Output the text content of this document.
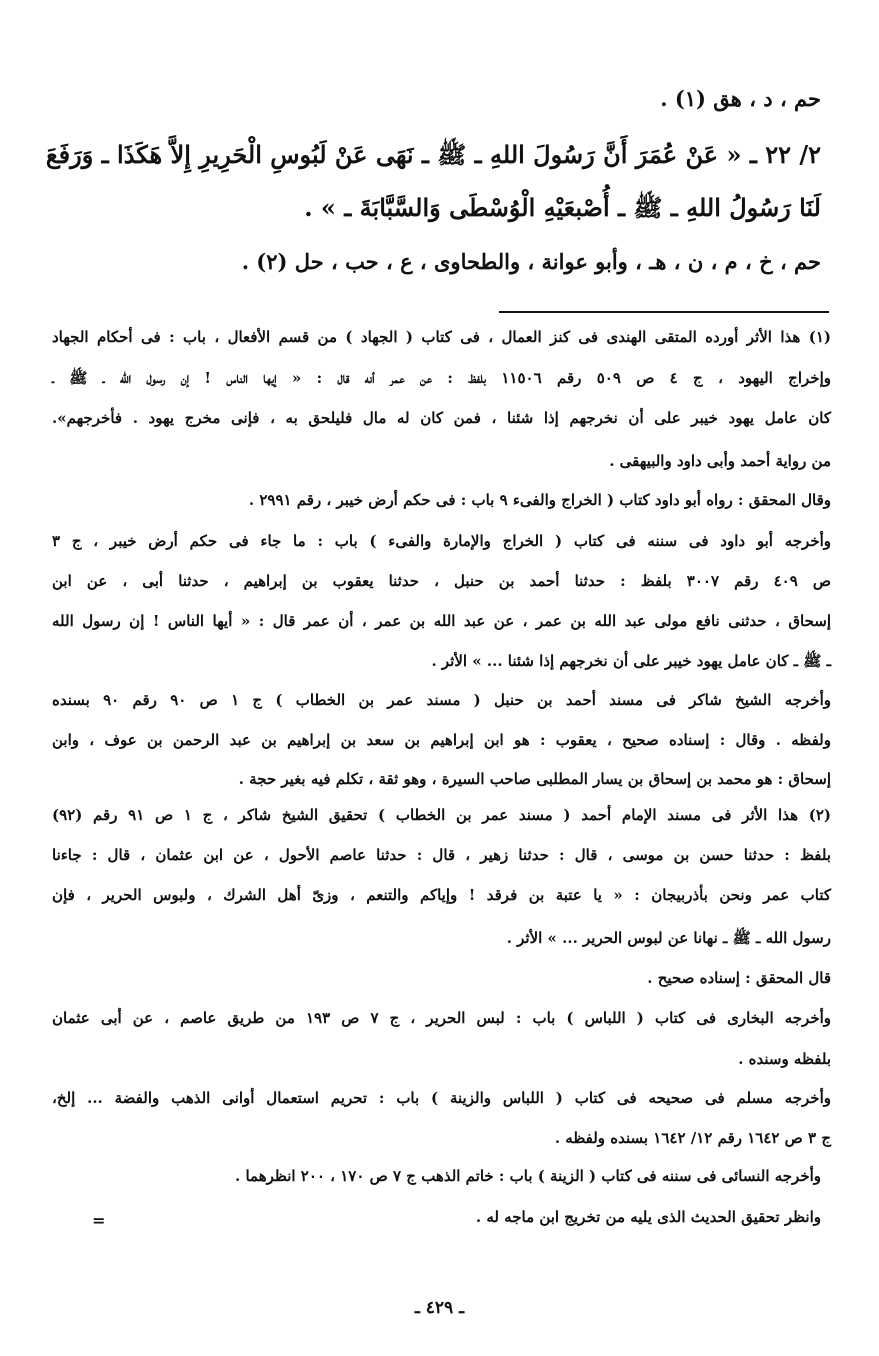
حم ، د ، هق (١) .
٢/ ٢٢ ـ « عَنْ عُمَرَ أَنَّ رَسُولَ اللهِ ـ ﷺ ـ نَهَى عَنْ لَبُوسِ الْحَرِيرِ إِلاَّ هَكَذَا ـ وَرَفَعَ
لَنَا رَسُولُ اللهِ ـ ﷺ ـ أُصْبعَيْهِ الْوُسْطَى وَالسَّبَّابَةَ ـ » .
حم ، خ ، م ، ن ، هـ ، وأبو عوانة ، والطحاوى ، ع ، حب ، حل (٢) .
(١) هذا الأثر أورده المتقى الهندى فى كنز العمال ، فى كتاب ( الجهاد ) من قسم الأفعال ، باب : فى أحكام الجهاد
وإخراج اليهود ، ج ٤ ص ٥٠٩ رقم ١١٥٠٦ بلفظ : عن عمر أنه قال : « إيها الناس ! إن رسول الله ـ ﷺ ـ
كان عامل يهود خيبر على أن نخرجهم إذا شئنا ، فمن كان له مال فليلحق به ، فإنى مخرج يهود . فأخرجهم».
من رواية أحمد وأبى داود والبيهقى .
وقال المحقق : رواه أبو داود كتاب ( الخراج والفىء ٩ باب : فى حكم أرض خيبر ، رقم ٢٩٩١ .
وأخرجه أبو داود فى سننه فى كتاب ( الخراج والإمارة والفىء ) باب : ما جاء فى حكم أرض خيبر ، ج ٣
ص ٤٠٩ رقم ٣٠٠٧ بلفظ : حدثنا أحمد بن حنبل ، حدثنا يعقوب بن إبراهيم ، حدثنا أبى ، عن ابن
إسحاق ، حدثنى نافع مولى عبد الله بن عمر ، عن عبد الله بن عمر ، أن عمر قال : « أيها الناس ! إن رسول الله
ـ ﷺ ـ كان عامل يهود خيبر على أن نخرجهم إذا شئنا ... » الأثر .
وأخرجه الشيخ شاكر فى مسند أحمد بن حنبل ( مسند عمر بن الخطاب ) ج ١ ص ٩٠ رقم ٩٠ بسنده
ولفظه . وقال : إسناده صحيح ، يعقوب : هو ابن إبراهيم بن سعد بن إبراهيم بن عبد الرحمن بن عوف ، وابن
إسحاق : هو محمد بن إسحاق بن يسار المطلبى صاحب السيرة ، وهو ثقة ، تكلم فيه بغير حجة .
(٢) هذا الأثر فى مسند الإمام أحمد ( مسند عمر بن الخطاب ) تحقيق الشيخ شاكر ، ج ١ ص ٩١ رقم (٩٢)
بلفظ : حدثنا حسن بن موسى ، قال : حدثنا زهير ، قال : حدثنا عاصم الأحول ، عن ابن عثمان ، قال : جاءنا
كتاب عمر ونحن بأذربيجان : « يا عتبة بن فرقد ! وإياكم والتنعم ، وزىّ أهل الشرك ، ولبوس الحرير ، فإن
رسول الله ـ ﷺ ـ نهانا عن لبوس الحرير ... » الأثر .
قال المحقق : إسناده صحيح .
وأخرجه البخارى فى كتاب ( اللباس ) باب : لبس الحرير ، ج ٧ ص ١٩٣ من طريق عاصم ، عن أبى عثمان
بلفظه وسنده .
وأخرجه مسلم فى صحيحه فى كتاب ( اللباس والزينة ) باب : تحريم استعمال أوانى الذهب والفضة ... إلخ،
ج ٣ ص ١٦٤٢ رقم ١٢/ ١٦٤٢ بسنده ولفظه .
وأخرجه النسائى فى سننه فى كتاب ( الزينة ) باب : خاتم الذهب ج ٧ ص ١٧٠ ، ٢٠٠ انظرهما .
وانظر تحقيق الحديث الذى يليه من تخريج ابن ماجه له .
=
ـ ٤٢٩ ـ
